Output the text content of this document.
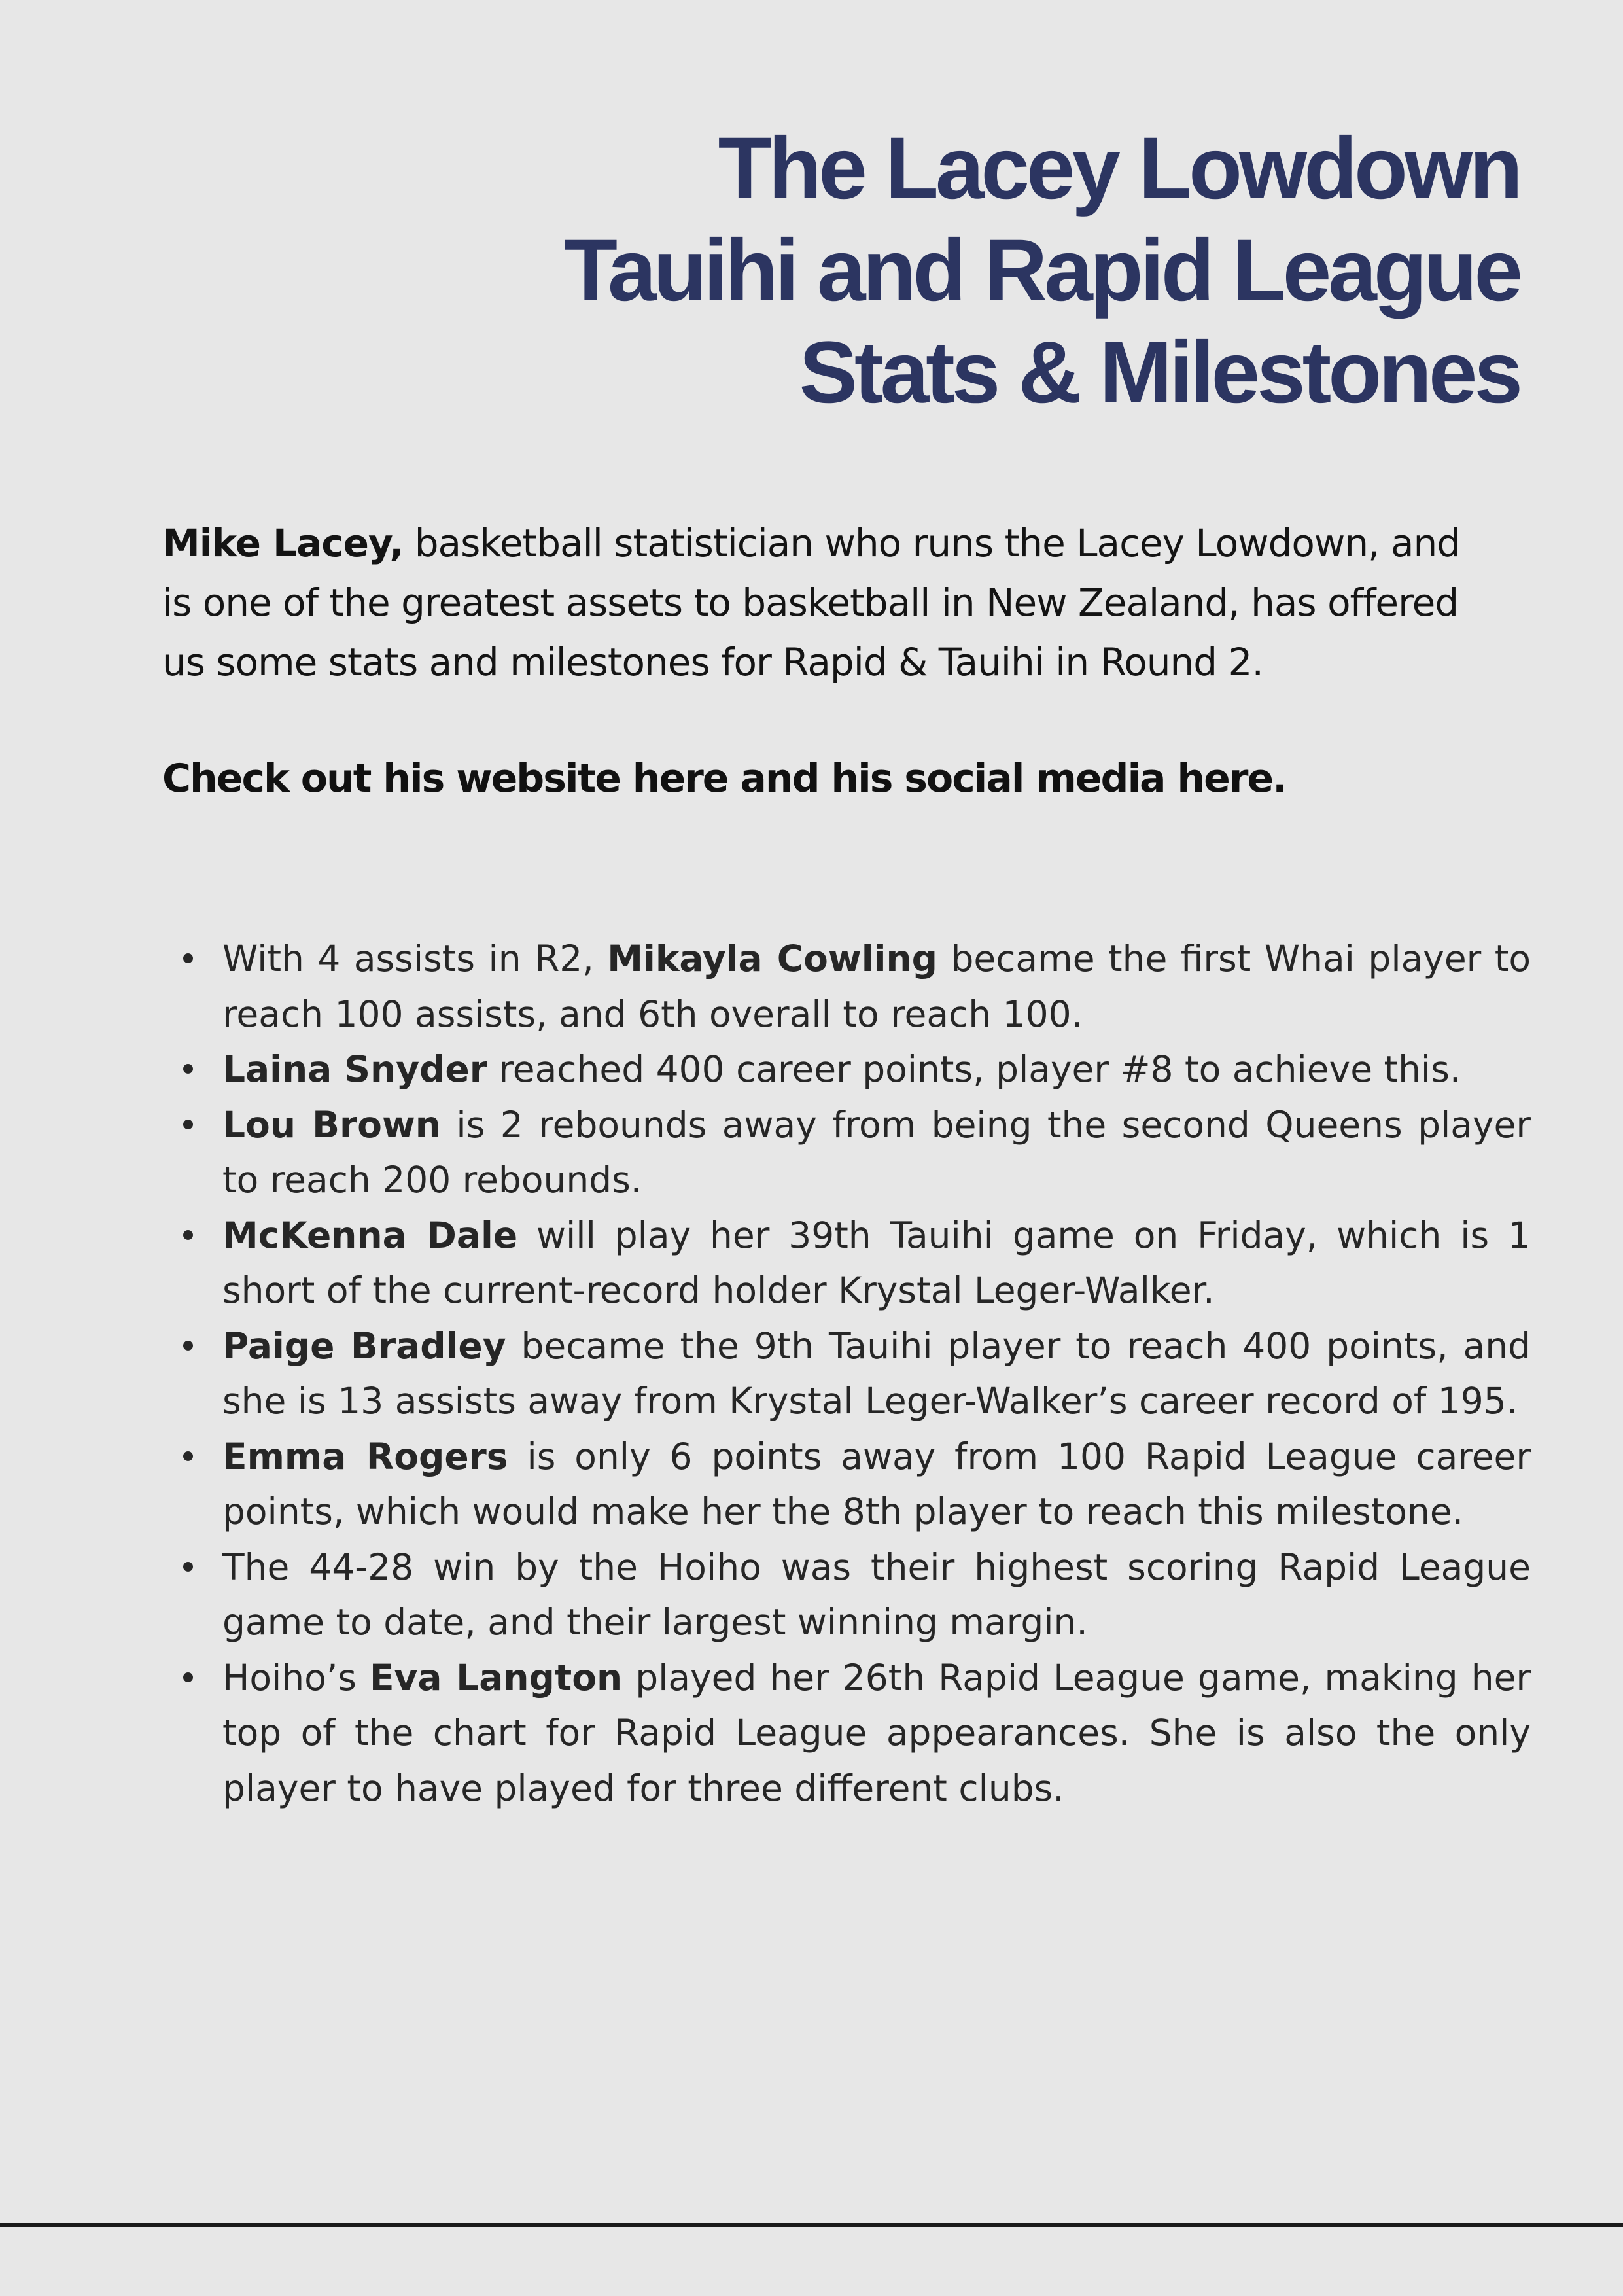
The Lacey Lowdown
Tauihi and Rapid League
Stats & Milestones

Mike Lacey, basketball statistician who runs the Lacey Lowdown, and is one of the greatest assets to basketball in New Zealand, has offered us some stats and milestones for Rapid & Tauihi in Round 2.

Check out his website here and his social media here.
With 4 assists in R2, Mikayla Cowling became the first Whai player to reach 100 assists, and 6th overall to reach 100.
Laina Snyder reached 400 career points, player #8 to achieve this.
Lou Brown is 2 rebounds away from being the second Queens player to reach 200 rebounds.
McKenna Dale will play her 39th Tauihi game on Friday, which is 1 short of the current-record holder Krystal Leger-Walker.
Paige Bradley became the 9th Tauihi player to reach 400 points, and she is 13 assists away from Krystal Leger-Walker’s career record of 195.
Emma Rogers is only 6 points away from 100 Rapid League career points, which would make her the 8th player to reach this milestone.
The 44-28 win by the Hoiho was their highest scoring Rapid League game to date, and their largest winning margin.
Hoiho’s Eva Langton played her 26th Rapid League game, making her top of the chart for Rapid League appearances. She is also the only player to have played for three different clubs.
